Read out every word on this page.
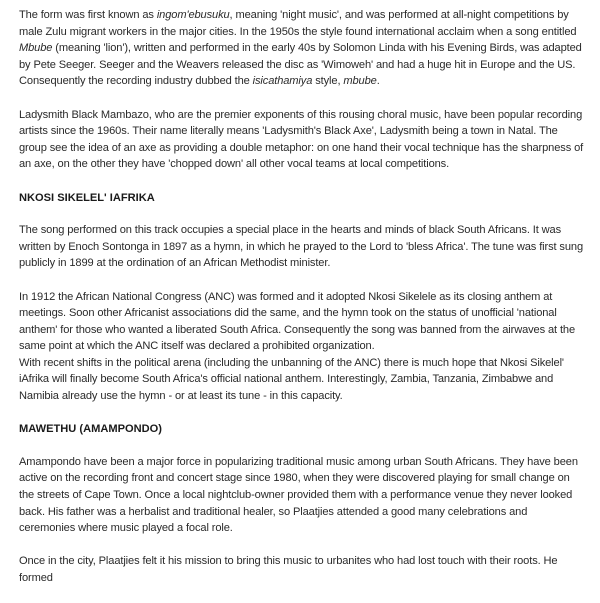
The form was first known as ingom'ebusuku, meaning 'night music', and was performed at all-night competitions by male Zulu migrant workers in the major cities. In the 1950s the style found international acclaim when a song entitled Mbube (meaning 'lion'), written and performed in the early 40s by Solomon Linda with his Evening Birds, was adapted by Pete Seeger. Seeger and the Weavers released the disc as 'Wimoweh' and had a huge hit in Europe and the US. Consequently the recording industry dubbed the isicathamiya style, mbube.

Ladysmith Black Mambazo, who are the premier exponents of this rousing choral music, have been popular recording artists since the 1960s. Their name literally means 'Ladysmith's Black Axe', Ladysmith being a town in Natal. The group see the idea of an axe as providing a double metaphor: on one hand their vocal technique has the sharpness of an axe, on the other they have 'chopped down' all other vocal teams at local competitions.

NKOSI SIKELEL' IAFRIKA

The song performed on this track occupies a special place in the hearts and minds of black South Africans. It was written by Enoch Sontonga in 1897 as a hymn, in which he prayed to the Lord to 'bless Africa'. The tune was first sung publicly in 1899 at the ordination of an African Methodist minister.

In 1912 the African National Congress (ANC) was formed and it adopted Nkosi Sikelele as its closing anthem at meetings. Soon other Africanist associations did the same, and the hymn took on the status of unofficial 'national anthem' for those who wanted a liberated South Africa. Consequently the song was banned from the airwaves at the same point at which the ANC itself was declared a prohibited organization.

With recent shifts in the political arena (including the unbanning of the ANC) there is much hope that Nkosi Sikelel' iAfrika will finally become South Africa's official national anthem. Interestingly, Zambia, Tanzania, Zimbabwe and Namibia already use the hymn - or at least its tune - in this capacity.

MAWETHU (AMAMPONDO)

Amampondo have been a major force in popularizing traditional music among urban South Africans. They have been active on the recording front and concert stage since 1980, when they were discovered playing for small change on the streets of Cape Town. Once a local nightclub-owner provided them with a performance venue they never looked back. His father was a herbalist and traditional healer, so Plaatjies attended a good many celebrations and ceremonies where music played a focal role.

Once in the city, Plaatjies felt it his mission to bring this music to urbanites who had lost touch with their roots. He formed
